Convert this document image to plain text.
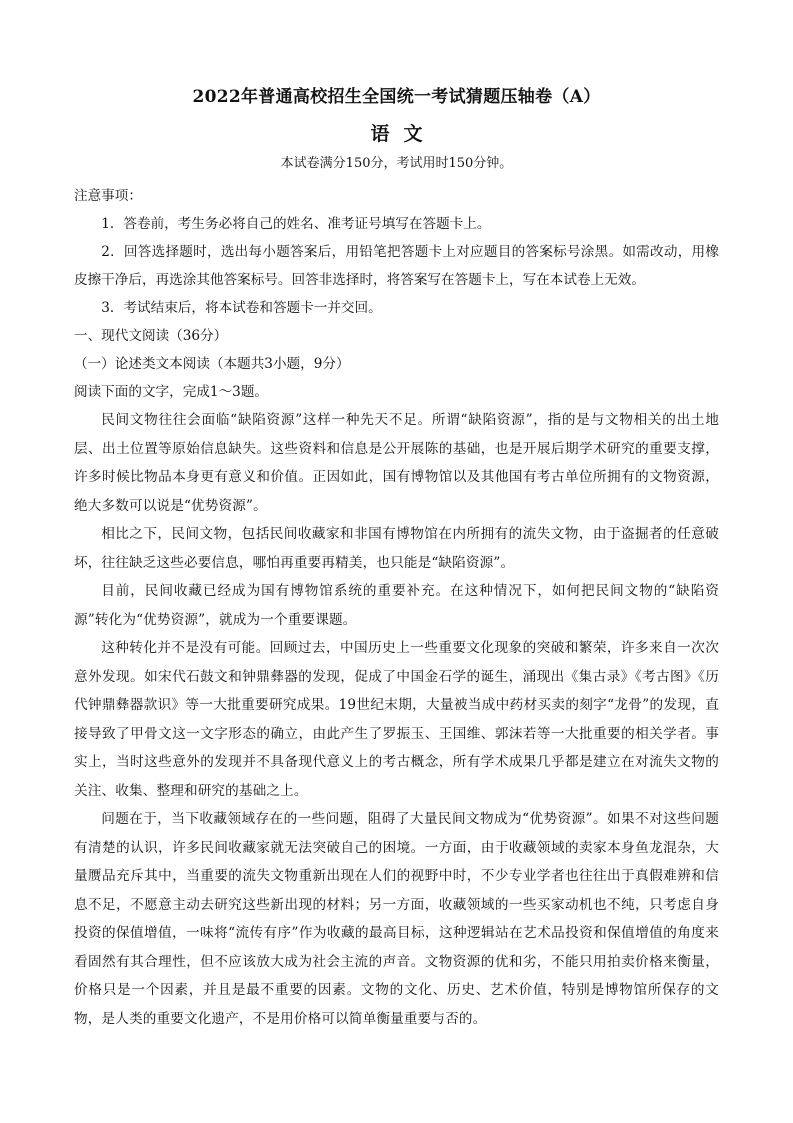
2022年普通高校招生全国统一考试猜题压轴卷（A）
语文

本试卷满分150分，考试用时150分钟。

注意事项：

1．答卷前，考生务必将自己的姓名、准考证号填写在答题卡上。

2．回答选择题时，选出每小题答案后，用铅笔把答题卡上对应题目的答案标号涂黑。如需改动，用橡皮擦干净后，再选涂其他答案标号。回答非选择时，将答案写在答题卡上，写在本试卷上无效。

3．考试结束后，将本试卷和答题卡一并交回。

一、现代文阅读（36分）

（一）论述类文本阅读（本题共3小题，9分）

阅读下面的文字，完成1～3题。

民间文物往往会面临“缺陷资源”这样一种先天不足。所谓“缺陷资源”，指的是与文物相关的出土地层、出土位置等原始信息缺失。这些资料和信息是公开展陈的基础，也是开展后期学术研究的重要支撑，许多时候比物品本身更有意义和价值。正因如此，国有博物馆以及其他国有考古单位所拥有的文物资源，绝大多数可以说是“优势资源”。

相比之下，民间文物，包括民间收藏家和非国有博物馆在内所拥有的流失文物，由于盗掘者的任意破坏，往往缺乏这些必要信息，哪怕再重要再精美，也只能是“缺陷资源”。

目前，民间收藏已经成为国有博物馆系统的重要补充。在这种情况下，如何把民间文物的“缺陷资源”转化为“优势资源”，就成为一个重要课题。

这种转化并不是没有可能。回顾过去，中国历史上一些重要文化现象的突破和繁荣，许多来自一次次意外发现。如宋代石鼓文和钟鼎彝器的发现，促成了中国金石学的诞生，涌现出《集古录》《考古图》《历代钟鼎彝器款识》等一大批重要研究成果。19世纪末期，大量被当成中药材买卖的刻字“龙骨”的发现，直接导致了甲骨文这一文字形态的确立，由此产生了罗振玉、王国维、郭沫若等一大批重要的相关学者。事实上，当时这些意外的发现并不具备现代意义上的考古概念，所有学术成果几乎都是建立在对流失文物的关注、收集、整理和研究的基础之上。

问题在于，当下收藏领域存在的一些问题，阻碍了大量民间文物成为“优势资源”。如果不对这些问题有清楚的认识，许多民间收藏家就无法突破自己的困境。一方面，由于收藏领域的卖家本身鱼龙混杂，大量赝品充斥其中，当重要的流失文物重新出现在人们的视野中时，不少专业学者也往往出于真假难辨和信息不足，不愿意主动去研究这些新出现的材料；另一方面，收藏领域的一些买家动机也不纯，只考虑自身投资的保值增值，一味将“流传有序”作为收藏的最高目标，这种逻辑站在艺术品投资和保值增值的角度来看固然有其合理性，但不应该放大成为社会主流的声音。文物资源的优和劣，不能只用拍卖价格来衡量，价格只是一个因素，并且是最不重要的因素。文物的文化、历史、艺术价值，特别是博物馆所保存的文物，是人类的重要文化遗产，不是用价格可以简单衡量重要与否的。
